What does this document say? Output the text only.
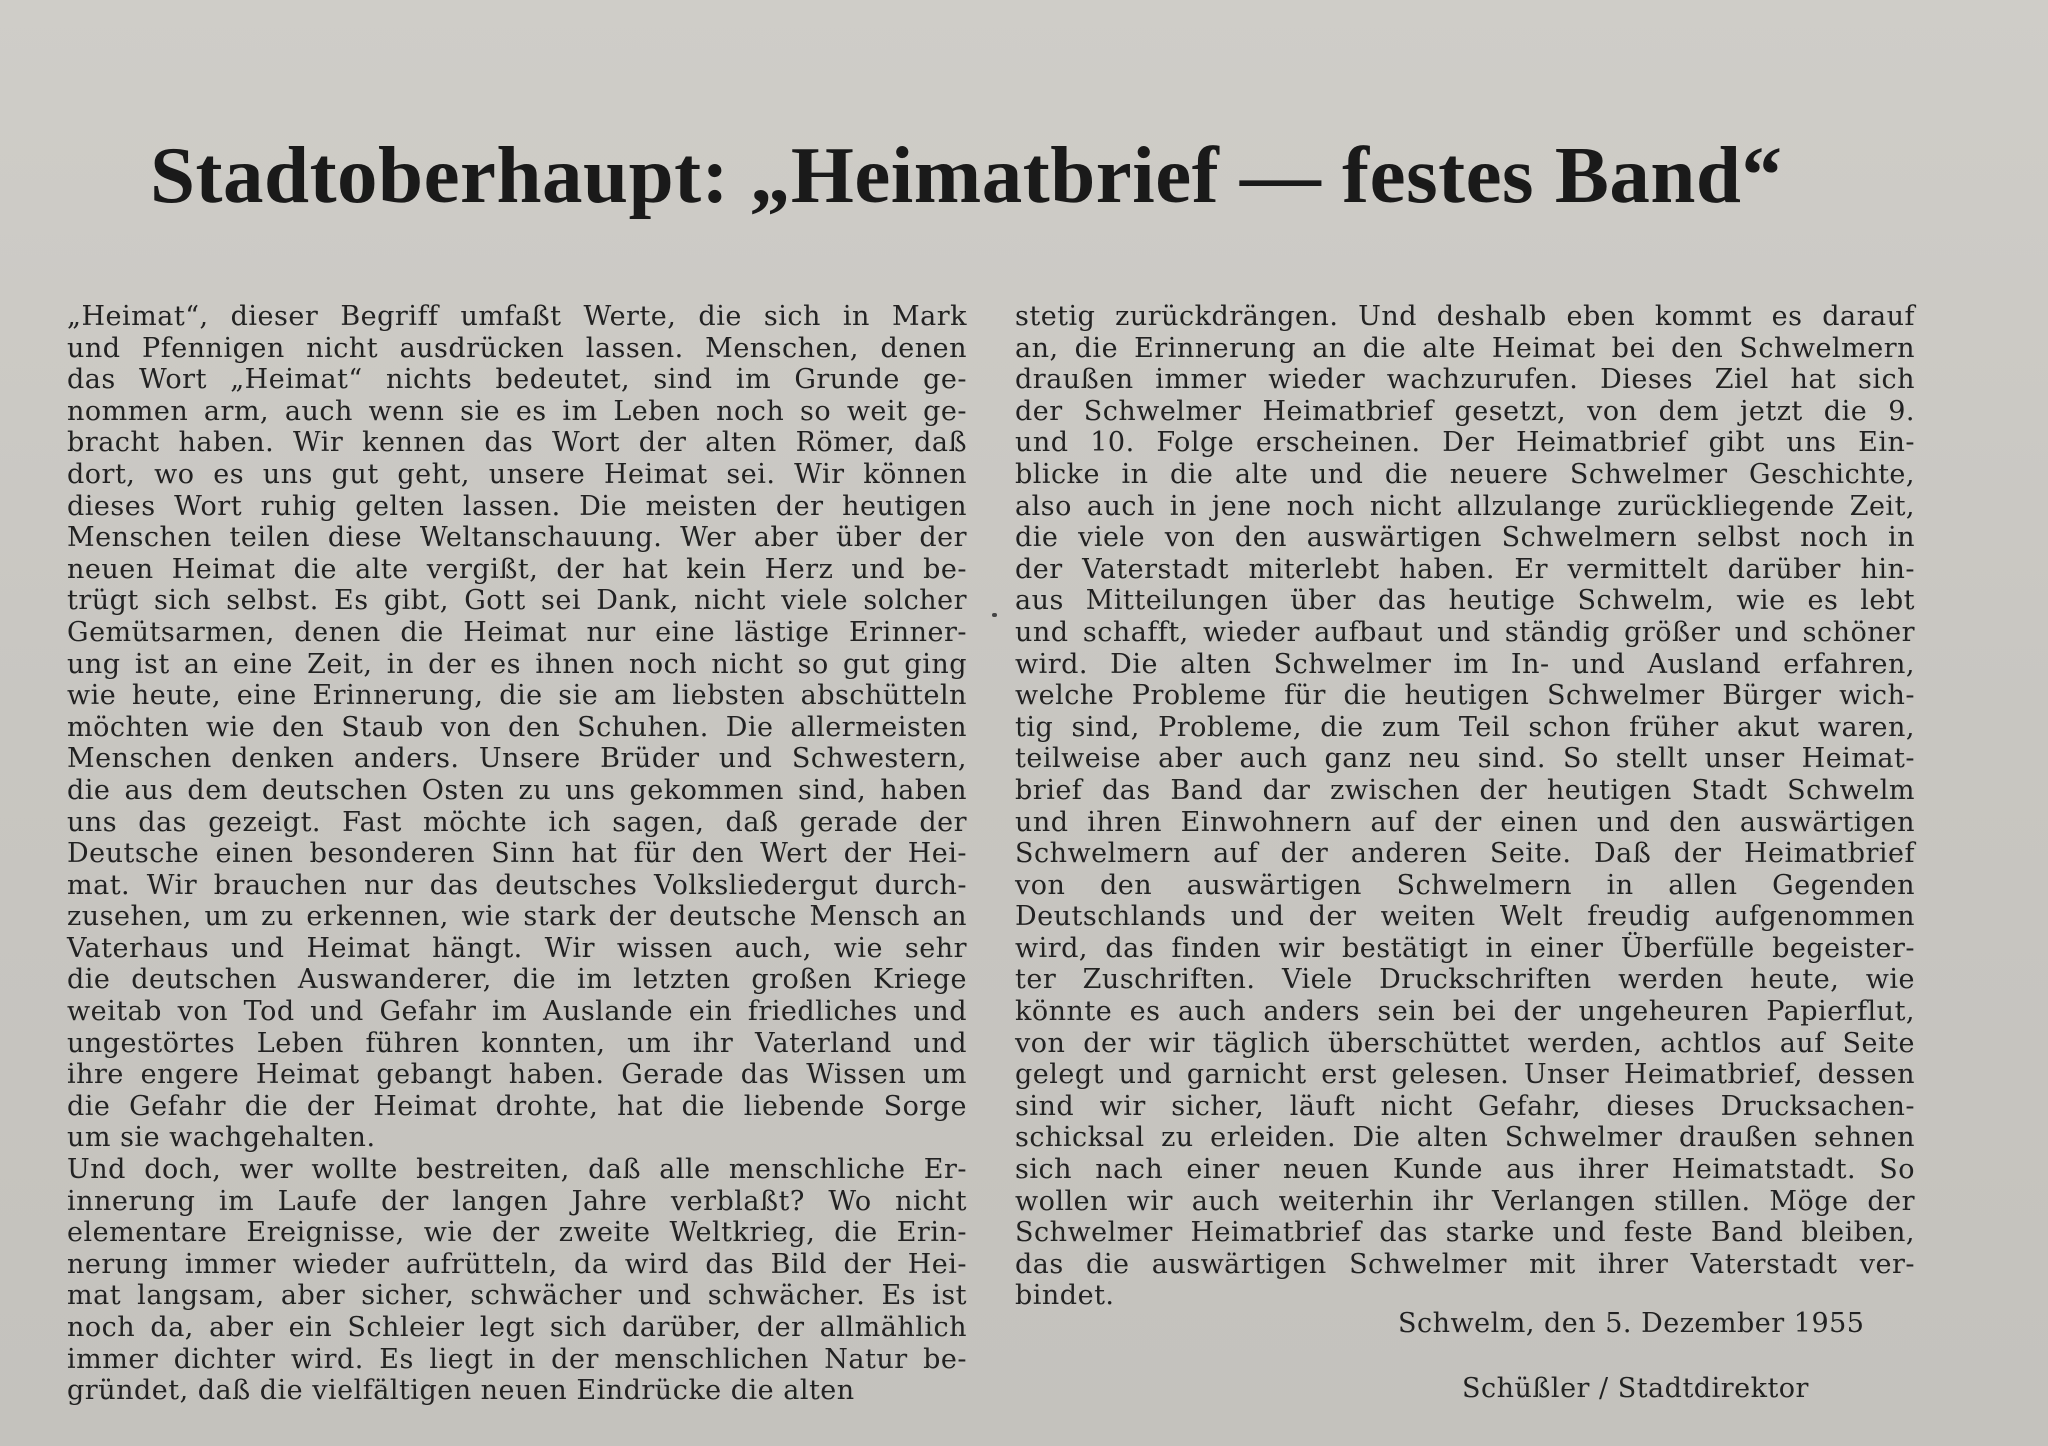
Stadtoberhaupt: „Heimatbrief — festes Band“
„Heimat“, dieser Begriff umfaßt Werte, die sich in Mark
und Pfennigen nicht ausdrücken lassen. Menschen, denen
das Wort „Heimat“ nichts bedeutet, sind im Grunde ge-
nommen arm, auch wenn sie es im Leben noch so weit ge-
bracht haben. Wir kennen das Wort der alten Römer, daß
dort, wo es uns gut geht, unsere Heimat sei. Wir können
dieses Wort ruhig gelten lassen. Die meisten der heutigen
Menschen teilen diese Weltanschauung. Wer aber über der
neuen Heimat die alte vergißt, der hat kein Herz und be-
trügt sich selbst. Es gibt, Gott sei Dank, nicht viele solcher
Gemütsarmen, denen die Heimat nur eine lästige Erinner-
ung ist an eine Zeit, in der es ihnen noch nicht so gut ging
wie heute, eine Erinnerung, die sie am liebsten abschütteln
möchten wie den Staub von den Schuhen. Die allermeisten
Menschen denken anders. Unsere Brüder und Schwestern,
die aus dem deutschen Osten zu uns gekommen sind, haben
uns das gezeigt. Fast möchte ich sagen, daß gerade der
Deutsche einen besonderen Sinn hat für den Wert der Hei-
mat. Wir brauchen nur das deutsches Volksliedergut durch-
zusehen, um zu erkennen, wie stark der deutsche Mensch an
Vaterhaus und Heimat hängt. Wir wissen auch, wie sehr
die deutschen Auswanderer, die im letzten großen Kriege
weitab von Tod und Gefahr im Auslande ein friedliches und
ungestörtes Leben führen konnten, um ihr Vaterland und
ihre engere Heimat gebangt haben. Gerade das Wissen um
die Gefahr die der Heimat drohte, hat die liebende Sorge
um sie wachgehalten.
Und doch, wer wollte bestreiten, daß alle menschliche Er-
innerung im Laufe der langen Jahre verblaßt? Wo nicht
elementare Ereignisse, wie der zweite Weltkrieg, die Erin-
nerung immer wieder aufrütteln, da wird das Bild der Hei-
mat langsam, aber sicher, schwächer und schwächer. Es ist
noch da, aber ein Schleier legt sich darüber, der allmählich
immer dichter wird. Es liegt in der menschlichen Natur be-
gründet, daß die vielfältigen neuen Eindrücke die alten
stetig zurückdrängen. Und deshalb eben kommt es darauf
an, die Erinnerung an die alte Heimat bei den Schwelmern
draußen immer wieder wachzurufen. Dieses Ziel hat sich
der Schwelmer Heimatbrief gesetzt, von dem jetzt die 9.
und 10. Folge erscheinen. Der Heimatbrief gibt uns Ein-
blicke in die alte und die neuere Schwelmer Geschichte,
also auch in jene noch nicht allzulange zurückliegende Zeit,
die viele von den auswärtigen Schwelmern selbst noch in
der Vaterstadt miterlebt haben. Er vermittelt darüber hin-
aus Mitteilungen über das heutige Schwelm, wie es lebt
und schafft, wieder aufbaut und ständig größer und schöner
wird. Die alten Schwelmer im In- und Ausland erfahren,
welche Probleme für die heutigen Schwelmer Bürger wich-
tig sind, Probleme, die zum Teil schon früher akut waren,
teilweise aber auch ganz neu sind. So stellt unser Heimat-
brief das Band dar zwischen der heutigen Stadt Schwelm
und ihren Einwohnern auf der einen und den auswärtigen
Schwelmern auf der anderen Seite. Daß der Heimatbrief
von den auswärtigen Schwelmern in allen Gegenden
Deutschlands und der weiten Welt freudig aufgenommen
wird, das finden wir bestätigt in einer Überfülle begeister-
ter Zuschriften. Viele Druckschriften werden heute, wie
könnte es auch anders sein bei der ungeheuren Papierflut,
von der wir täglich überschüttet werden, achtlos auf Seite
gelegt und garnicht erst gelesen. Unser Heimatbrief, dessen
sind wir sicher, läuft nicht Gefahr, dieses Drucksachen-
schicksal zu erleiden. Die alten Schwelmer draußen sehnen
sich nach einer neuen Kunde aus ihrer Heimatstadt. So
wollen wir auch weiterhin ihr Verlangen stillen. Möge der
Schwelmer Heimatbrief das starke und feste Band bleiben,
das die auswärtigen Schwelmer mit ihrer Vaterstadt ver-
bindet.
Schwelm, den 5. Dezember 1955
Schüßler / Stadtdirektor
